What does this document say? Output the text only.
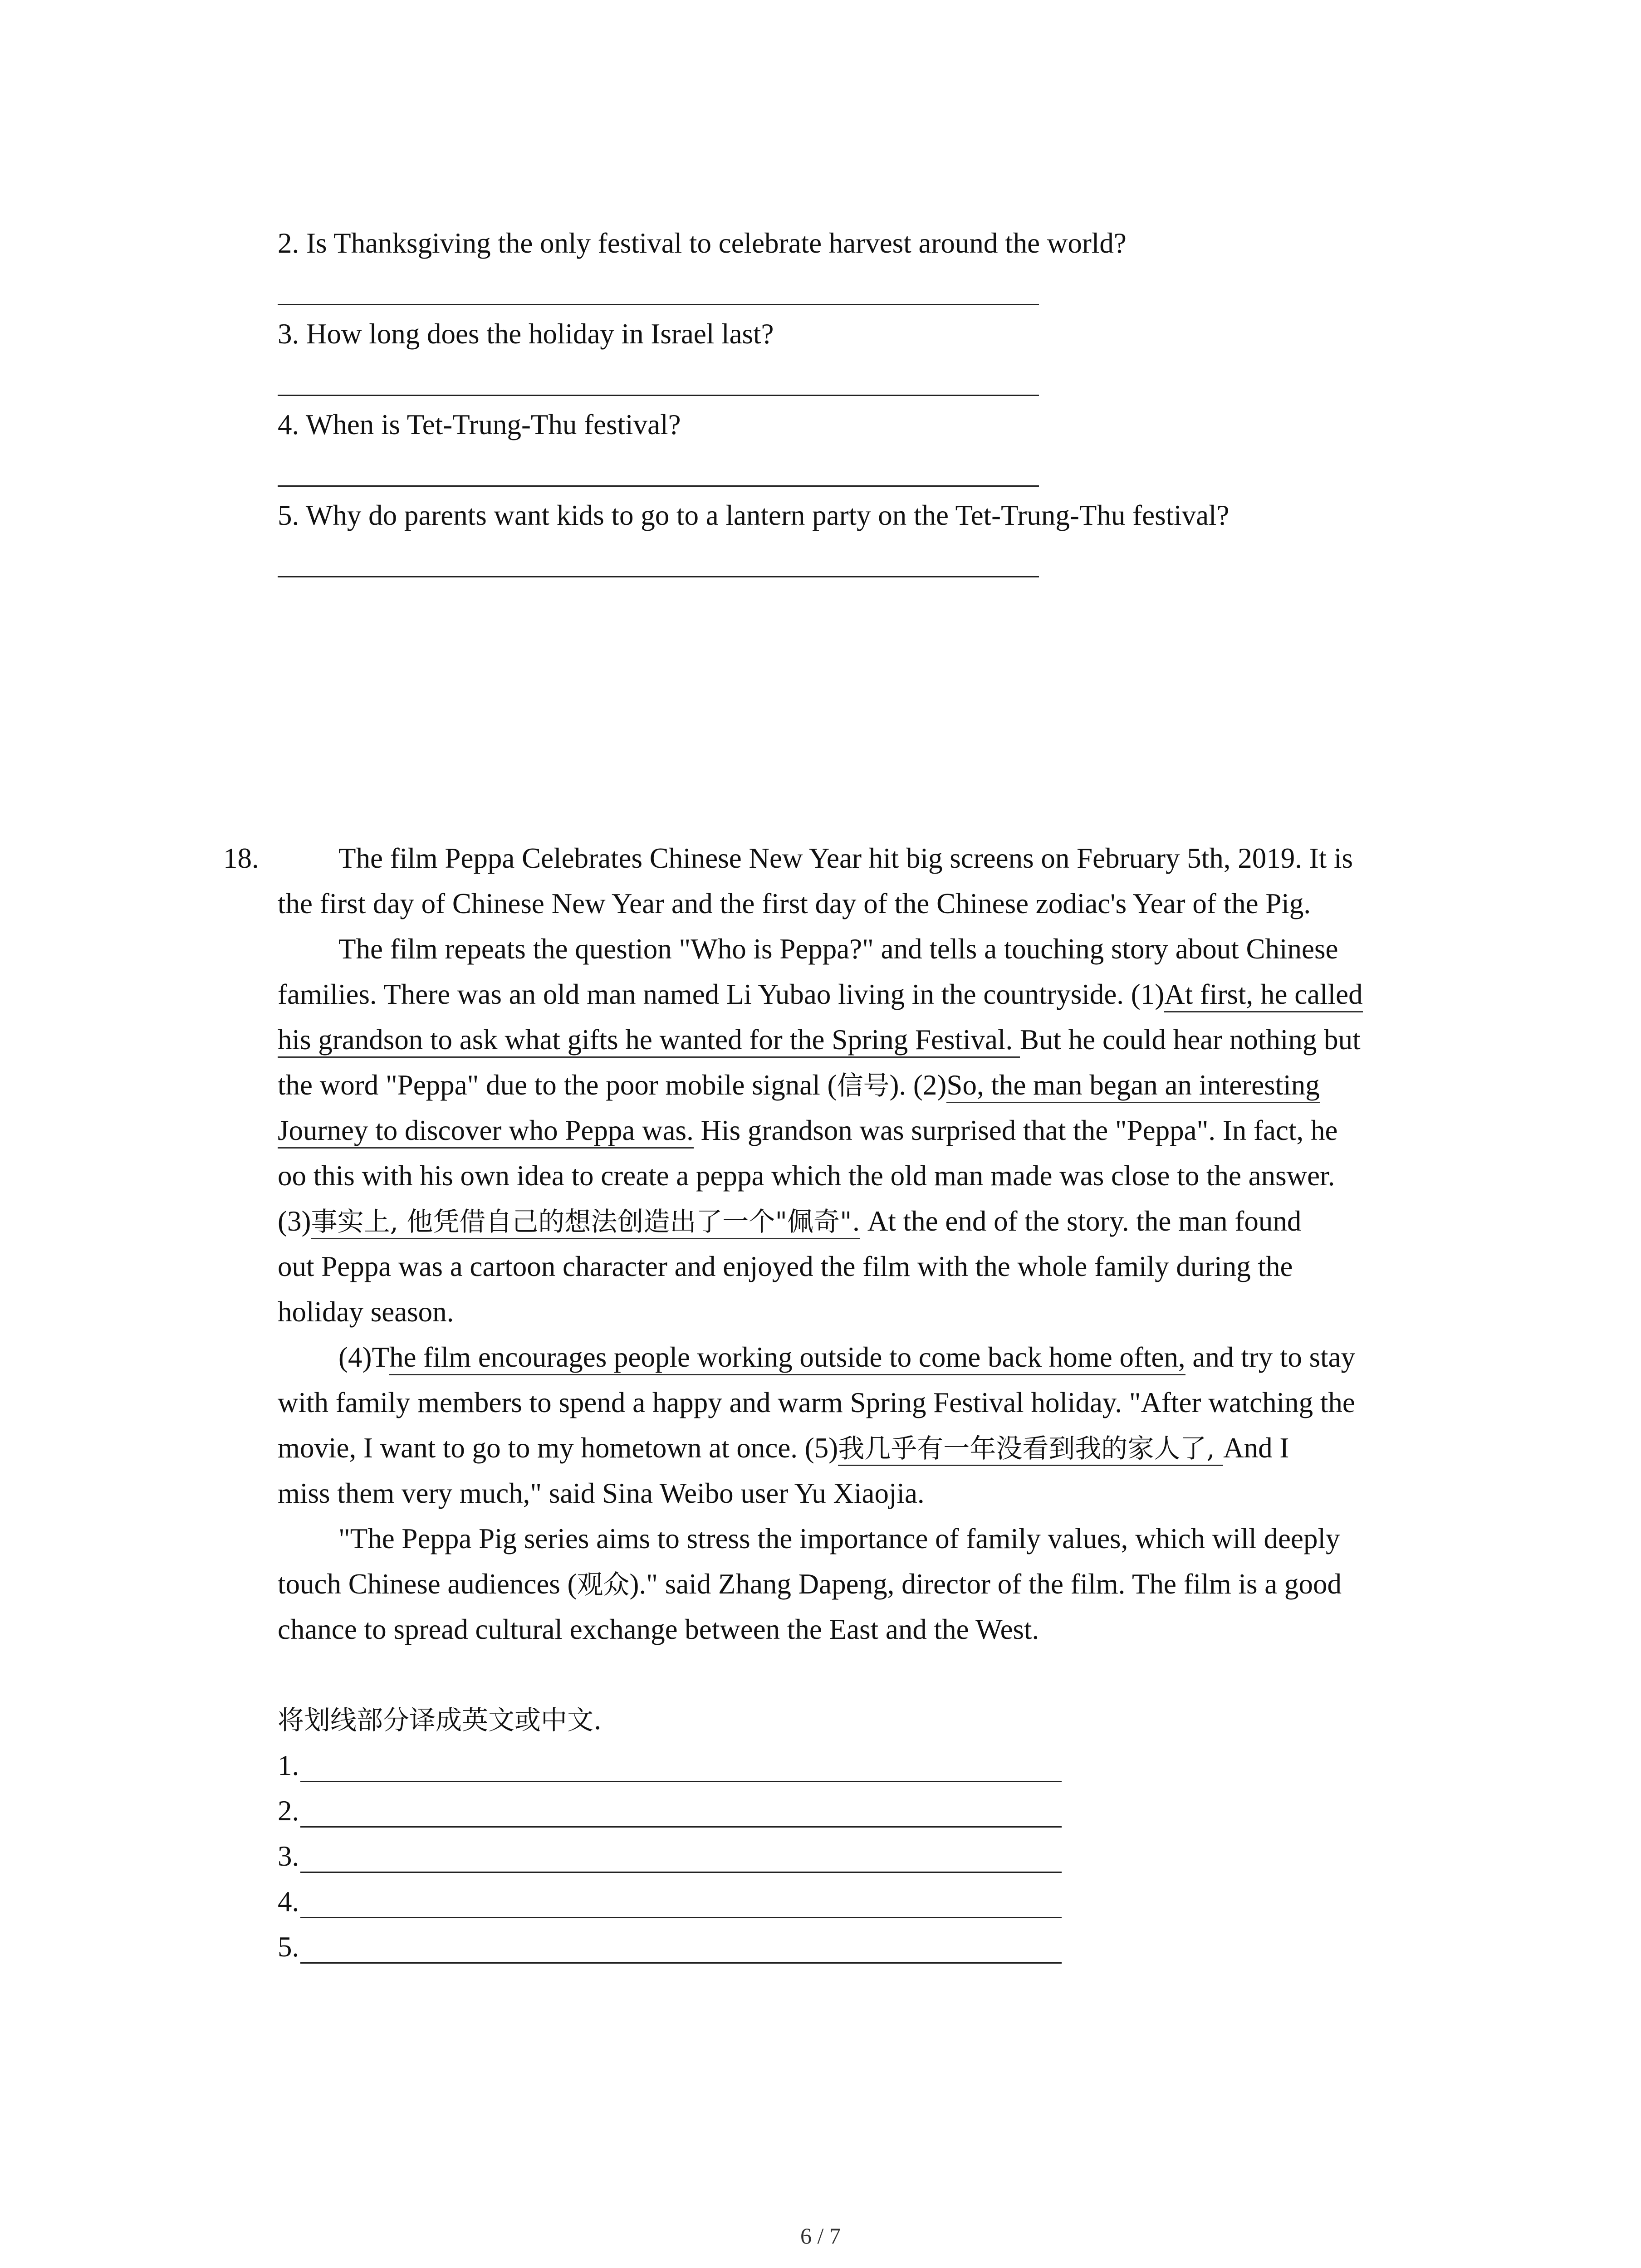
2. Is Thanksgiving the only festival to celebrate harvest around the world?
3. How long does the holiday in Israel last?
4. When is Tet-Trung-Thu festival?
5. Why do parents want kids to go to a lantern party on the Tet-Trung-Thu festival?
18.	The film Peppa Celebrates Chinese New Year hit big screens on February 5th, 2019. It is
the first day of Chinese New Year and the first day of the Chinese zodiac's Year of the Pig.
The film repeats the question "Who is Peppa?" and tells a touching story about Chinese
families. There was an old man named Li Yubao living in the countryside. (1)At first, he called
his grandson to ask what gifts he wanted for the Spring Festival. But he could hear nothing but
the word "Peppa" due to the poor mobile signal (信号). (2)So, the man began an interesting
Journey to discover who Peppa was. His grandson was surprised that the "Peppa". In fact, he
oo this with his own idea to create a peppa which the old man made was close to the answer.
(3)事实上, 他凭借自己的想法创造出了一个"佩奇". At the end of the story. the man found
out Peppa was a cartoon character and enjoyed the film with the whole family during the
holiday season.
(4)The film encourages people working outside to come back home often, and try to stay
with family members to spend a happy and warm Spring Festival holiday. "After watching the
movie, I want to go to my hometown at once. (5)我几乎有一年没看到我的家人了, And I
miss them very much," said Sina Weibo user Yu Xiaojia.
"The Peppa Pig series aims to stress the importance of family values, which will deeply
touch Chinese audiences (观众)." said Zhang Dapeng, director of the film. The film is a good
chance to spread cultural exchange between the East and the West.
将划线部分译成英文或中文.
1.
2.
3.
4.
5.
6 / 7
